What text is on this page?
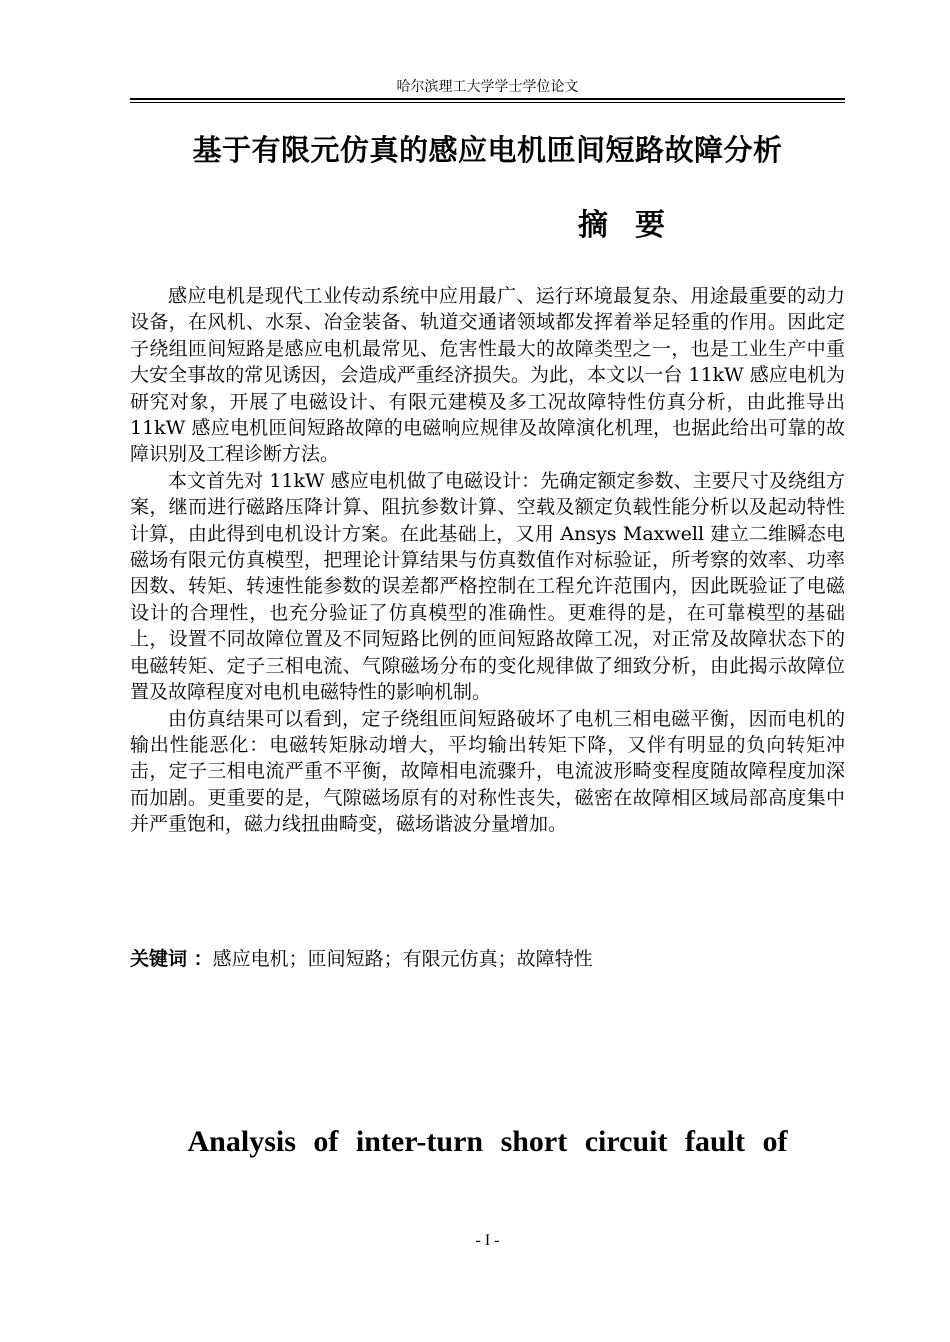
哈尔滨理工大学学士学位论文
基于有限元仿真的感应电机匝间短路故障分析
摘 要

感应电机是现代工业传动系统中应用最广、运行环境最复杂、用途最重要的动力设备，在风机、水泵、冶金装备、轨道交通诸领域都发挥着举足轻重的作用。因此定子绕组匝间短路是感应电机最常见、危害性最大的故障类型之一，也是工业生产中重大安全事故的常见诱因，会造成严重经济损失。为此，本文以一台 11kW 感应电机为研究对象，开展了电磁设计、有限元建模及多工况故障特性仿真分析，由此推导出 11kW 感应电机匝间短路故障的电磁响应规律及故障演化机理，也据此给出可靠的故障识别及工程诊断方法。

本文首先对 11kW 感应电机做了电磁设计：先确定额定参数、主要尺寸及绕组方案，继而进行磁路压降计算、阻抗参数计算、空载及额定负载性能分析以及起动特性计算，由此得到电机设计方案。在此基础上，又用 Ansys Maxwell 建立二维瞬态电磁场有限元仿真模型，把理论计算结果与仿真数值作对标验证，所考察的效率、功率因数、转矩、转速性能参数的误差都严格控制在工程允许范围内，因此既验证了电磁设计的合理性，也充分验证了仿真模型的准确性。更难得的是，在可靠模型的基础上，设置不同故障位置及不同短路比例的匝间短路故障工况，对正常及故障状态下的电磁转矩、定子三相电流、气隙磁场分布的变化规律做了细致分析，由此揭示故障位置及故障程度对电机电磁特性的影响机制。

由仿真结果可以看到，定子绕组匝间短路破坏了电机三相电磁平衡，因而电机的输出性能恶化：电磁转矩脉动增大，平均输出转矩下降，又伴有明显的负向转矩冲击，定子三相电流严重不平衡，故障相电流骤升，电流波形畸变程度随故障程度加深而加剧。更重要的是，气隙磁场原有的对称性丧失，磁密在故障相区域局部高度集中并严重饱和，磁力线扭曲畸变，磁场谐波分量增加。

关键词 ：感应电机；匝间短路；有限元仿真；故障特性
Analysis of inter-turn short circuit fault of
- I -
